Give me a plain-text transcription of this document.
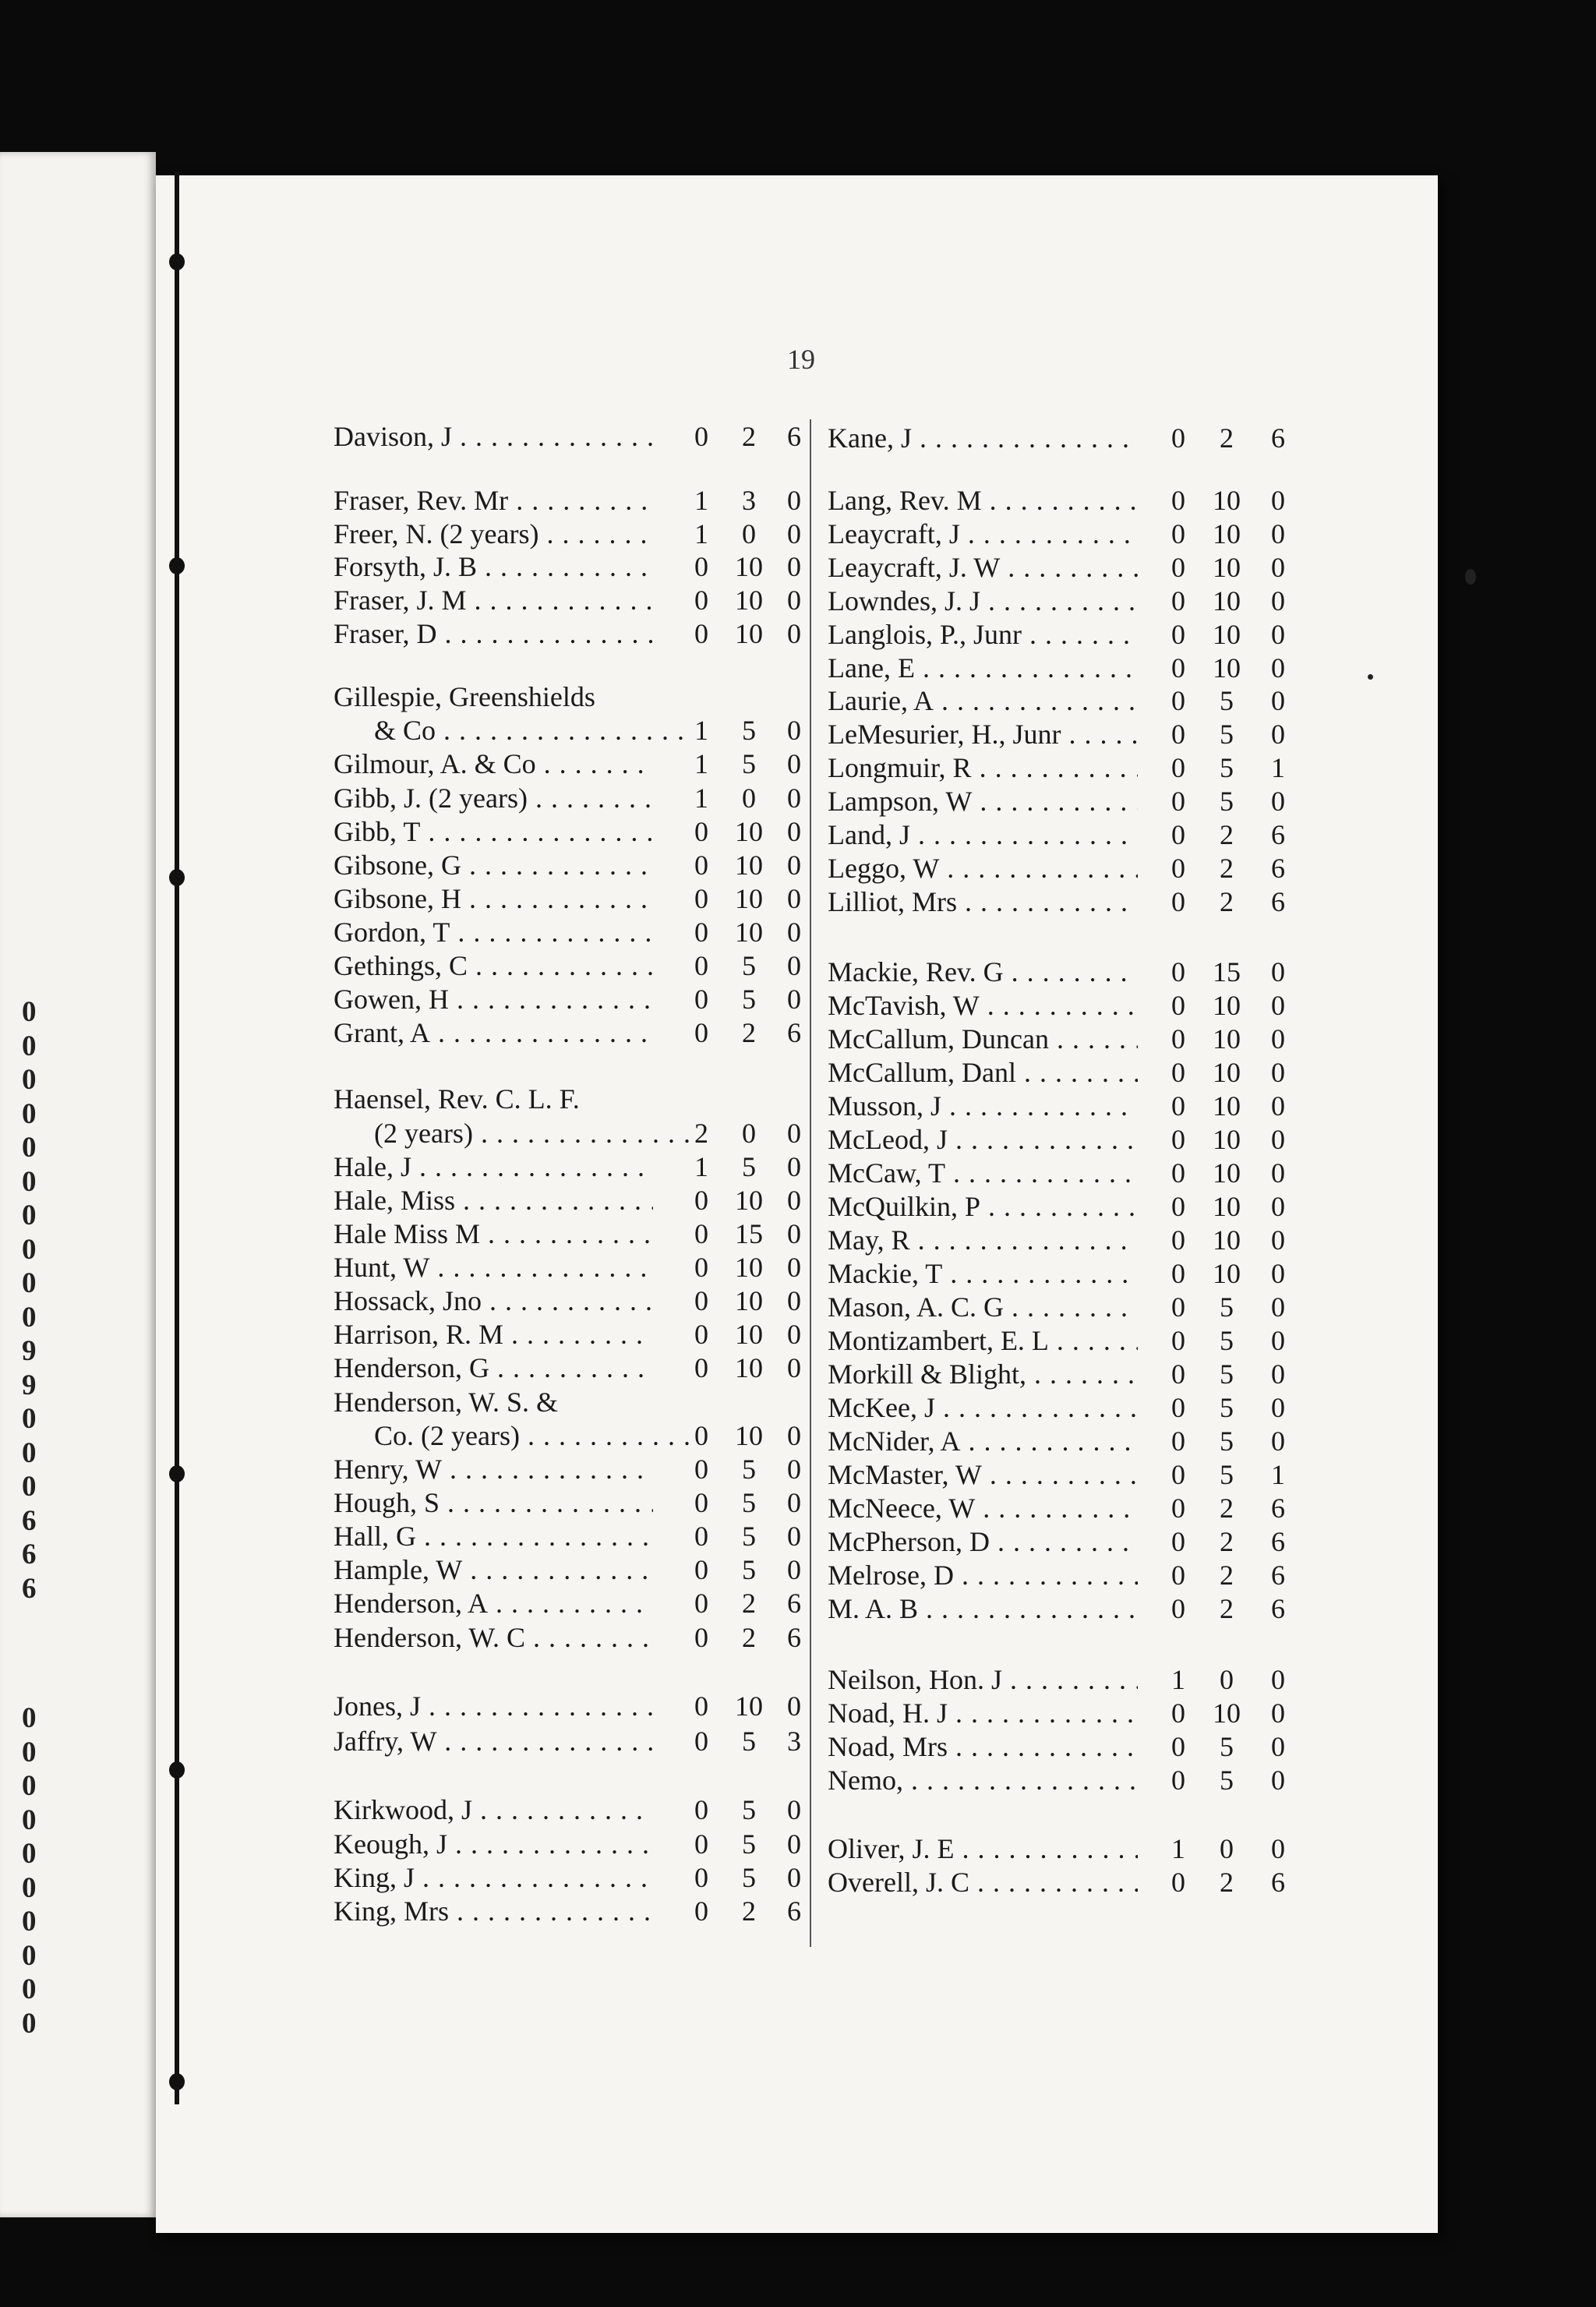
0
0
0
0
0
0
0
0
0
0
9
9
0
0
0
6
6
6
0
0
0
0
0
0
0
0
0
0
19
Davison, J . . .	0	2	6
Fraser, Rev. Mr . . .	1	3	0
Freer, N. (2 years) . . .	1	0	0
Forsyth, J. B . . .	0 10 0
Fraser, J. M . . .	0 10 0
Fraser, D . . .	0 10 0
Gillespie, Greenshields
& Co . . .	1	5	0
Gilmour, A. & Co . . .	1	5	0
Gibb, J. (2 years) . . .	1	0	0
Gibb, T . . .	0 10 0
Gibsone, G . . .	0 10 0
Gibsone, H . . .	0 10 0
Gordon, T . . .	0 10 0
Gethings, C . . .	0	5	0
Gowen, H . . .	0	5	0
Grant, A . . .	0	2	6
Haensel, Rev. C. L. F.
(2 years) . . .	2	0	0
Hale, J . . .	1	5	0
Hale, Miss . . .	0 10 0
Hale Miss M . . .	0 15 0
Hunt, W . . .	0 10 0
Hossack, Jno . . .	0 10 0
Harrison, R. M . . .	0 10 0
Henderson, G . . .	0 10 0
Henderson, W. S. &
Co. (2 years) . . .	0 10 0
Henry, W . . .	0	5	0
Hough, S . . .	0	5	0
Hall, G . . .	0	5	0
Hample, W . . .	0	5	0
Henderson, A . . .	0	2	6
Henderson, W. C . . .	0	2	6
Jones, J . . .	0 10 0
Jaffry, W . . .	0	5	3
Kirkwood, J . . .	0	5	0
Keough, J . . .	0	5	0
King, J . . .	0	5	0
King, Mrs . . .	0	2	6
Kane, J . . .	0	2	6
Lang, Rev. M . . .	0 10	0
Leaycraft, J . . .	0 10	0
Leaycraft, J. W . . .	0 10	0
Lowndes, J. J . . .	0 10	0
Langlois, P., Junr . . .	0 10	0
Lane, E . . .	0 10	0
Laurie, A . . .	0	5	0
LeMesurier, H., Junr . . .	0	5	0
Longmuir, R . . .	0	5	1
Lampson, W . . .	0	5	0
Land, J . . .	0	2	6
Leggo, W . . .	0	2	6
Lilliot, Mrs . . .	0	2	6
Mackie, Rev. G . . .	0 15	0
McTavish, W . . .	0 10	0
McCallum, Duncan . . .	0 10	0
McCallum, Danl . . .	0 10	0
Musson, J . . .	0 10	0
McLeod, J . . .	0 10	0
McCaw, T . . .	0 10	0
McQuilkin, P . . .	0 10	0
May, R . . .	0 10	0
Mackie, T . . .	0 10	0
Mason, A. C. G . . .	0	5	0
Montizambert, E. L . . .	0	5	0
Morkill & Blight, . . .	0	5	0
McKee, J . . .	0	5	0
McNider, A . . .	0	5	0
McMaster, W . . .	0	5	1
McNeece, W . . .	0	2	6
McPherson, D . . .	0	2	6
Melrose, D . . .	0	2	6
M. A. B . . .	0	2	6
Neilson, Hon. J . . .	1	0	0
Noad, H. J . . .	0 10	0
Noad, Mrs . . .	0	5	0
Nemo, . . .	0	5	0
Oliver, J. E . . .	1	0	0
Overell, J. C . . .	0	2	6
